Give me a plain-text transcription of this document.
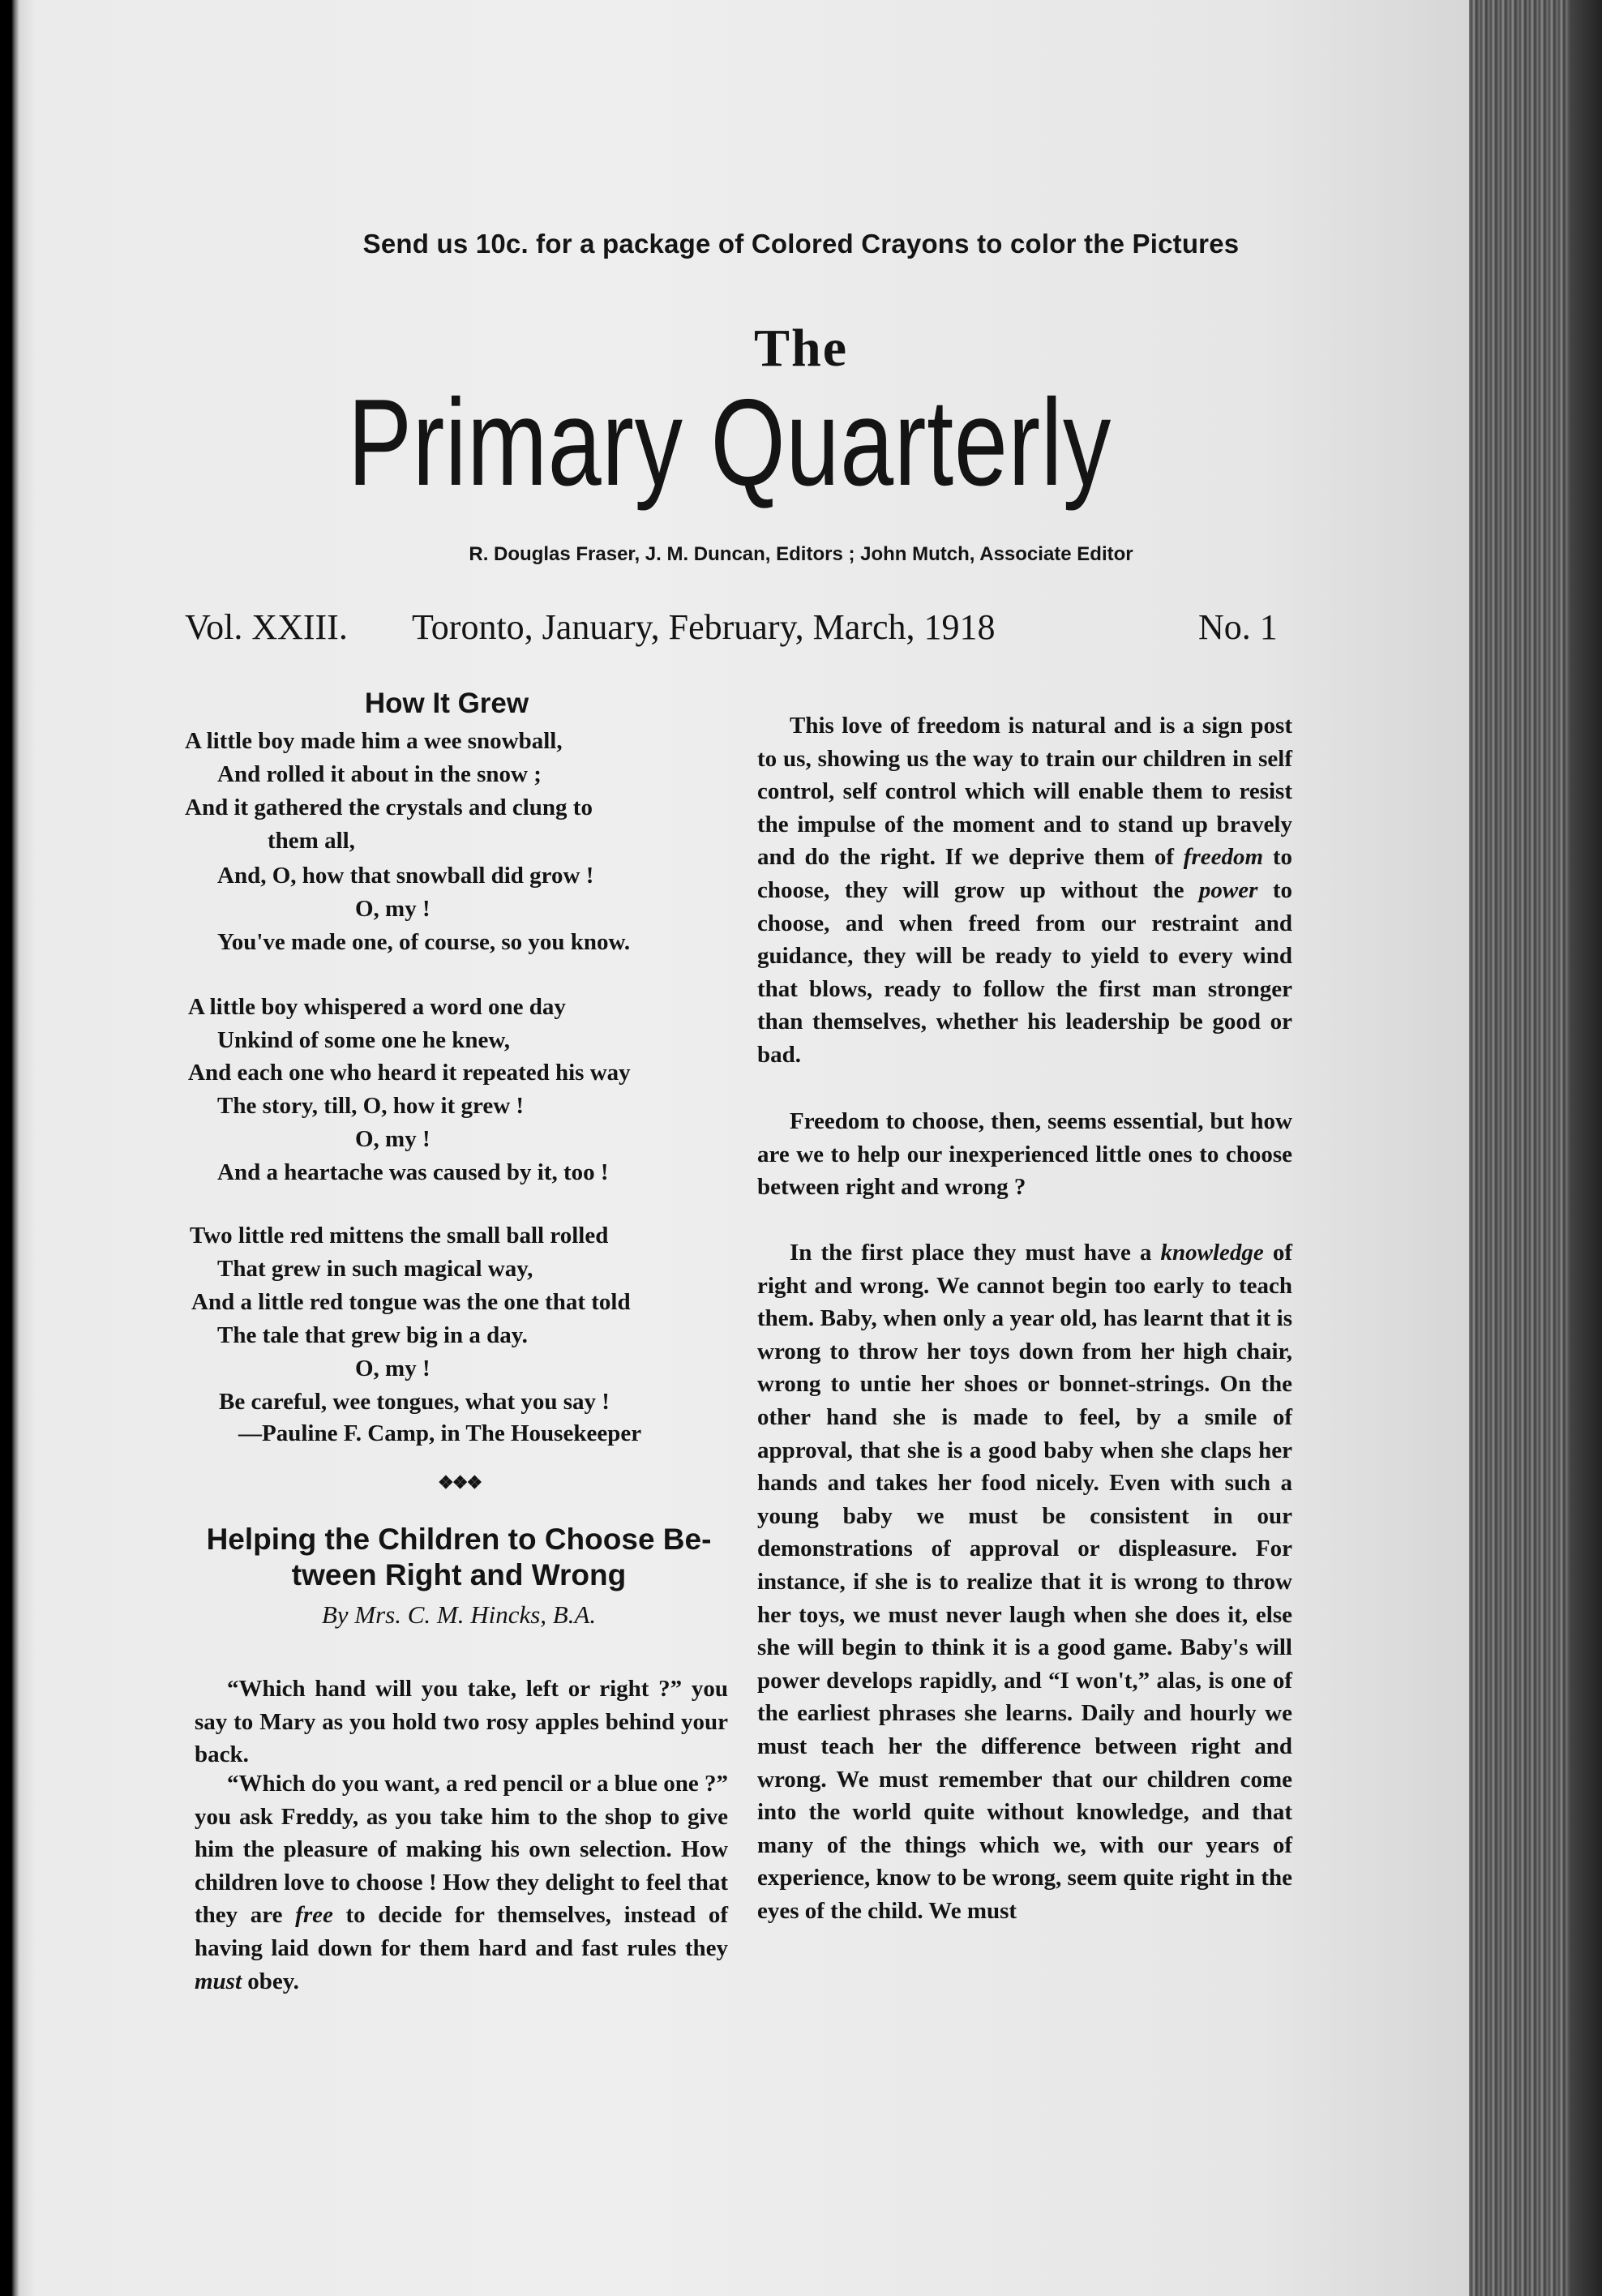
Send us 10c. for a package of Colored Crayons to color the Pictures

The

Primary Quarterly

R. Douglas Fraser, J. M. Duncan, Editors ; John Mutch, Associate Editor

Vol. XXIII. Toronto, January, February, March, 1918	No. 1

How It Grew

A little boy made him a wee snowball,
And rolled it about in the snow ;
And it gathered the crystals and clung to
them all,
And, O, how that snowball did grow !
O, my !
You've made one, of course, so you know.
A little boy whispered a word one day
Unkind of some one he knew,
And each one who heard it repeated his way
The story, till, O, how it grew !
O, my !
And a heartache was caused by it, too !
Two little red mittens the small ball rolled
That grew in such magical way,
And a little red tongue was the one that told
The tale that grew big in a day.
O, my !
Be careful, wee tongues, what you say !
—Pauline F. Camp, in The Housekeeper

❖❖❖

Helping the Children to Choose Be-

tween Right and Wrong

By Mrs. C. M. Hincks, B.A.

“Which hand will you take, left or right ?” you say to Mary as you hold two rosy apples behind your back.

“Which do you want, a red pencil or a blue one ?” you ask Freddy, as you take him to the shop to give him the pleasure of making his own selection. How children love to choose ! How they delight to feel that they are free to decide for themselves, instead of having laid down for them hard and fast rules they must obey.

This love of freedom is natural and is a sign post to us, showing us the way to train our children in self control, self control which will enable them to resist the impulse of the moment and to stand up bravely and do the right. If we deprive them of freedom to choose, they will grow up without the power to choose, and when freed from our restraint and guidance, they will be ready to yield to every wind that blows, ready to follow the first man stronger than themselves, whether his leadership be good or bad.

Freedom to choose, then, seems essential, but how are we to help our inexperienced little ones to choose between right and wrong ?

In the first place they must have a knowledge of right and wrong. We cannot begin too early to teach them. Baby, when only a year old, has learnt that it is wrong to throw her toys down from her high chair, wrong to untie her shoes or bonnet-strings. On the other hand she is made to feel, by a smile of approval, that she is a good baby when she claps her hands and takes her food nicely. Even with such a young baby we must be consistent in our demonstrations of approval or displeasure. For instance, if she is to realize that it is wrong to throw her toys, we must never laugh when she does it, else she will begin to think it is a good game. Baby's will power develops rapidly, and “I won't,” alas, is one of the earliest phrases she learns. Daily and hourly we must teach her the difference between right and wrong. We must remember that our children come into the world quite without knowledge, and that many of the things which we, with our years of experience, know to be wrong, seem quite right in the eyes of the child. We must
